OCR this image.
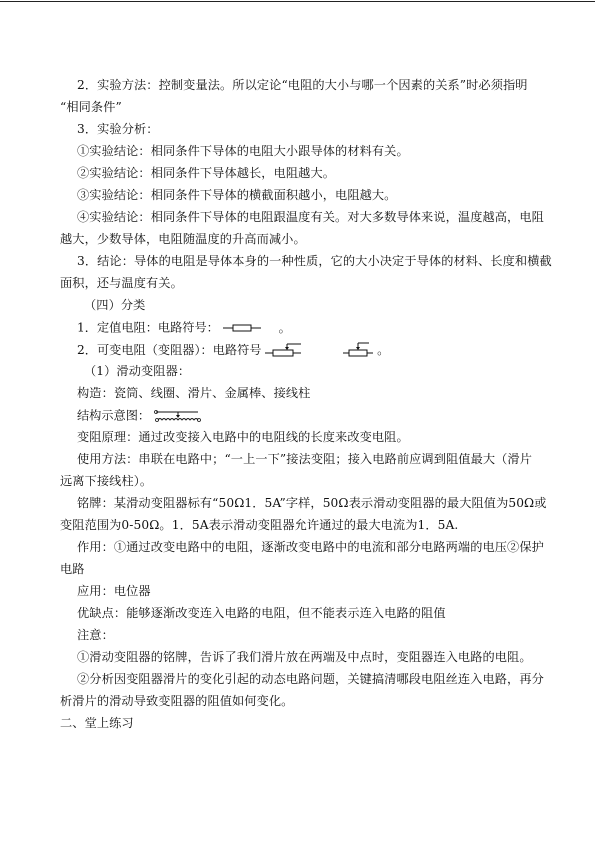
2．实验方法：控制变量法。所以定论“电阻的大小与哪一个因素的关系”时必须指明
“相同条件”
3．实验分析：
①实验结论：相同条件下导体的电阻大小跟导体的材料有关。
②实验结论：相同条件下导体越长，电阻越大。
③实验结论：相同条件下导体的横截面积越小，电阻越大。
④实验结论：相同条件下导体的电阻跟温度有关。对大多数导体来说，温度越高，电阻
越大，少数导体，电阻随温度的升高而减小。
3．结论：导体的电阻是导体本身的一种性质，它的大小决定于导体的材料、长度和横截
面积，还与温度有关。
（四）分类
1．定值电阻：电路符号：	。
2．可变电阻（变阻器）：电路符号	。
（1）滑动变阻器：
构造：瓷筒、线圈、滑片、金属棒、接线柱
结构示意图：
变阻原理：通过改变接入电路中的电阻线的长度来改变电阻。
使用方法：串联在电路中；“一上一下”接法变阻；接入电路前应调到阻值最大（滑片
远离下接线柱）。
铭牌：某滑动变阻器标有“50Ω1．5A”字样，50Ω表示滑动变阻器的最大阻值为50Ω或
变阻范围为0-50Ω。1．5A表示滑动变阻器允许通过的最大电流为1．5A.
作用：①通过改变电路中的电阻，逐渐改变电路中的电流和部分电路两端的电压②保护
电路
应用：电位器
优缺点：能够逐渐改变连入电路的电阻，但不能表示连入电路的阻值
注意：
①滑动变阻器的铭牌，告诉了我们滑片放在两端及中点时，变阻器连入电路的电阻。
②分析因变阻器滑片的变化引起的动态电路问题，关键搞清哪段电阻丝连入电路，再分
析滑片的滑动导致变阻器的阻值如何变化。
二、堂上练习
